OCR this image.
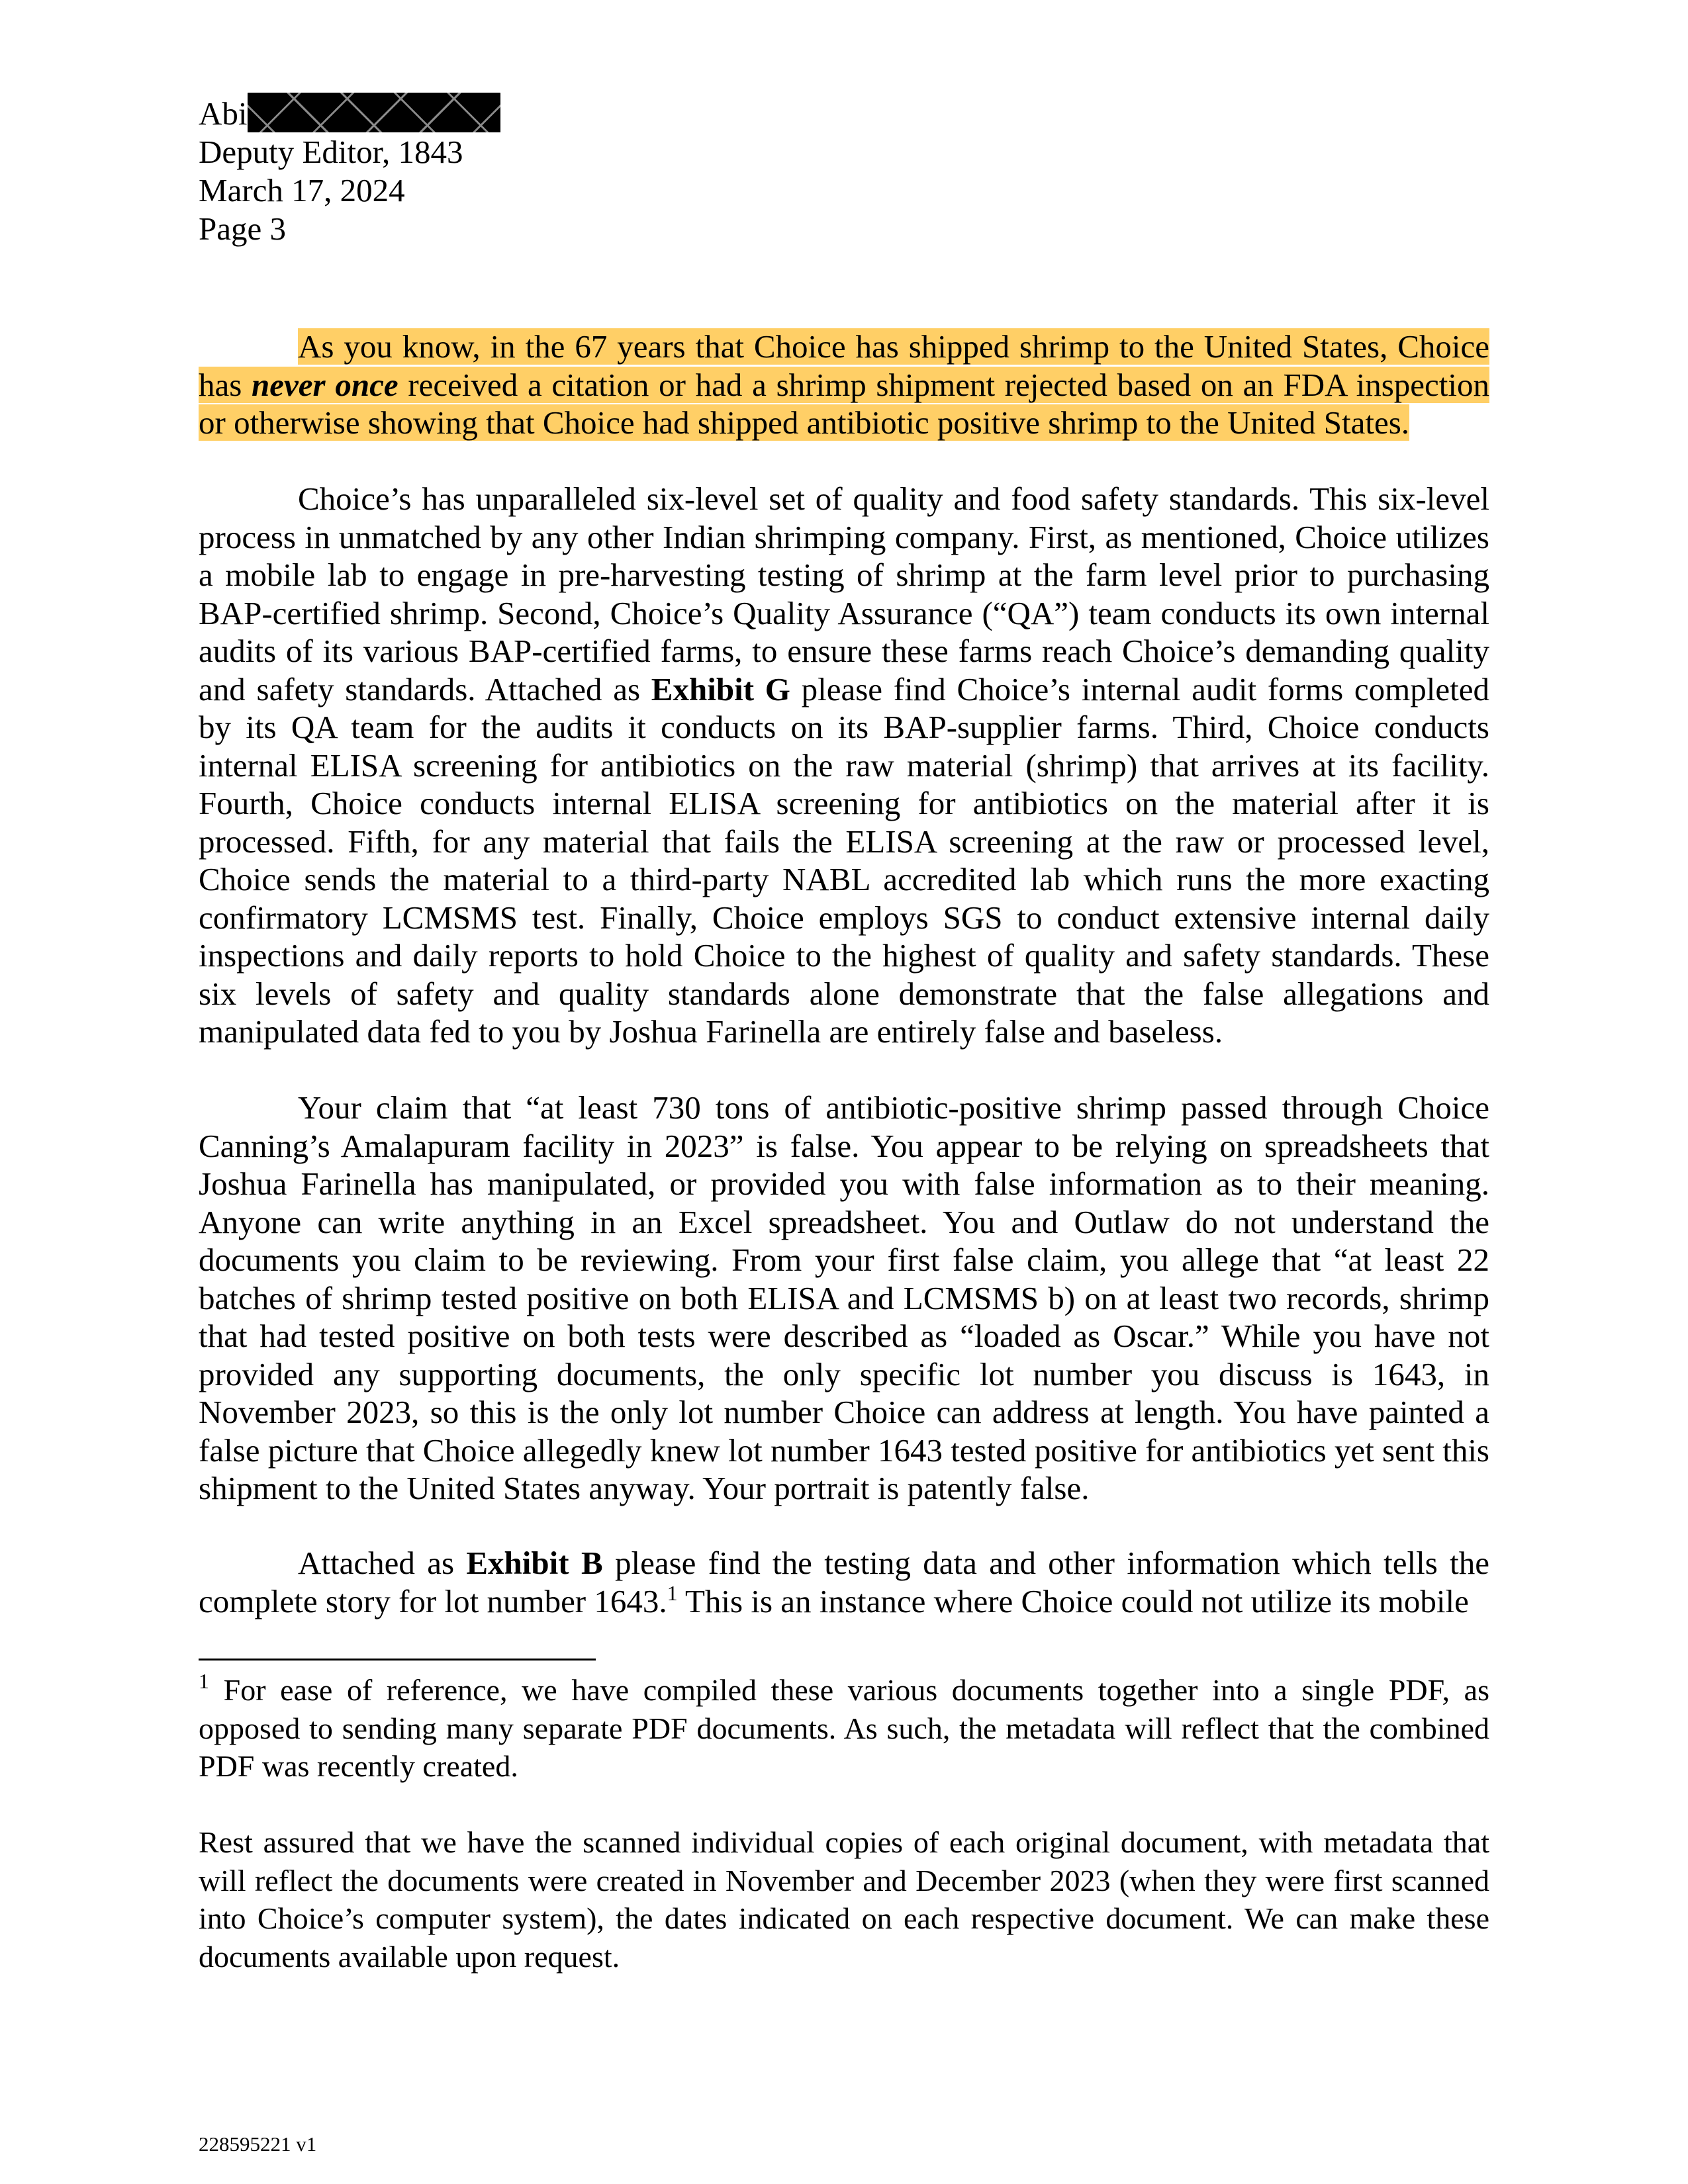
Abi
Deputy Editor, 1843
March 17, 2024
Page 3

As you know, in the 67 years that Choice has shipped shrimp to the United States, Choice has never once received a citation or had a shrimp shipment rejected based on an FDA inspection or otherwise showing that Choice had shipped antibiotic positive shrimp to the United States.

Choice’s has unparalleled six-level set of quality and food safety standards. This six-level process in unmatched by any other Indian shrimping company. First, as mentioned, Choice utilizes a mobile lab to engage in pre-harvesting testing of shrimp at the farm level prior to purchasing BAP-certified shrimp. Second, Choice’s Quality Assurance (“QA”) team conducts its own internal audits of its various BAP-certified farms, to ensure these farms reach Choice’s demanding quality and safety standards. Attached as Exhibit G please find Choice’s internal audit forms completed by its QA team for the audits it conducts on its BAP-supplier farms. Third, Choice conducts internal ELISA screening for antibiotics on the raw material (shrimp) that arrives at its facility. Fourth, Choice conducts internal ELISA screening for antibiotics on the material after it is processed. Fifth, for any material that fails the ELISA screening at the raw or processed level, Choice sends the material to a third-party NABL accredited lab which runs the more exacting confirmatory LCMSMS test. Finally, Choice employs SGS to conduct extensive internal daily inspections and daily reports to hold Choice to the highest of quality and safety standards. These six levels of safety and quality standards alone demonstrate that the false allegations and manipulated data fed to you by Joshua Farinella are entirely false and baseless.

Your claim that “at least 730 tons of antibiotic-positive shrimp passed through Choice Canning’s Amalapuram facility in 2023” is false. You appear to be relying on spreadsheets that Joshua Farinella has manipulated, or provided you with false information as to their meaning. Anyone can write anything in an Excel spreadsheet. You and Outlaw do not understand the documents you claim to be reviewing. From your first false claim, you allege that “at least 22 batches of shrimp tested positive on both ELISA and LCMSMS b) on at least two records, shrimp that had tested positive on both tests were described as “loaded as Oscar.” While you have not provided any supporting documents, the only specific lot number you discuss is 1643, in November 2023, so this is the only lot number Choice can address at length. You have painted a false picture that Choice allegedly knew lot number 1643 tested positive for antibiotics yet sent this shipment to the United States anyway. Your portrait is patently false.

Attached as Exhibit B please find the testing data and other information which tells the complete story for lot number 1643.$^1$ This is an instance where Choice could not utilize its mobile

$^1$ For ease of reference, we have compiled these various documents together into a single PDF, as opposed to sending many separate PDF documents. As such, the metadata will reflect that the combined PDF was recently created.

Rest assured that we have the scanned individual copies of each original document, with metadata that will reflect the documents were created in November and December 2023 (when they were first scanned into Choice’s computer system), the dates indicated on each respective document. We can make these documents available upon request.

228595221 v1
